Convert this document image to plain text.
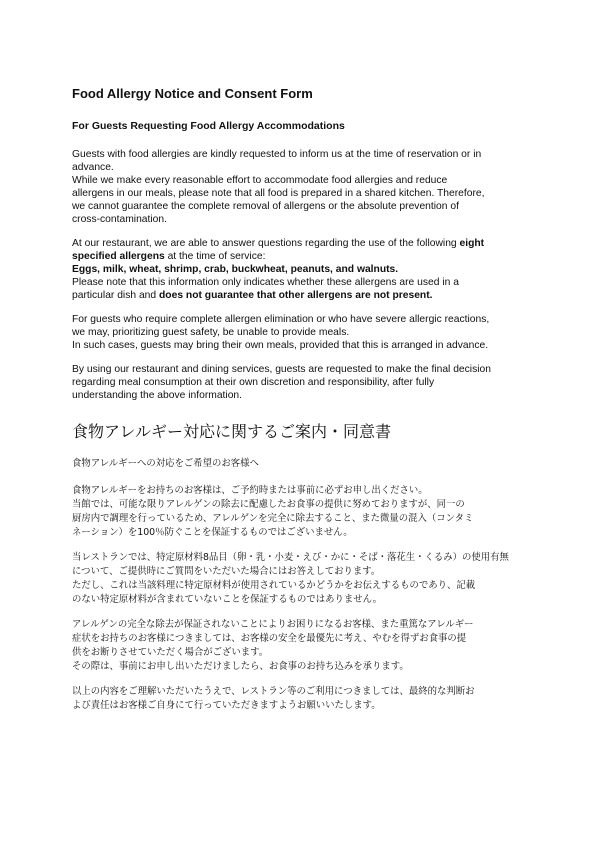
Food Allergy Notice and Consent Form
For Guests Requesting Food Allergy Accommodations
Guests with food allergies are kindly requested to inform us at the time of reservation or in
advance.
While we make every reasonable effort to accommodate food allergies and reduce
allergens in our meals, please note that all food is prepared in a shared kitchen. Therefore,
we cannot guarantee the complete removal of allergens or the absolute prevention of
cross-contamination.
At our restaurant, we are able to answer questions regarding the use of the following eight
specified allergens at the time of service:
Eggs, milk, wheat, shrimp, crab, buckwheat, peanuts, and walnuts.
Please note that this information only indicates whether these allergens are used in a
particular dish and does not guarantee that other allergens are not present.
For guests who require complete allergen elimination or who have severe allergic reactions,
we may, prioritizing guest safety, be unable to provide meals.
In such cases, guests may bring their own meals, provided that this is arranged in advance.
By using our restaurant and dining services, guests are requested to make the final decision
regarding meal consumption at their own discretion and responsibility, after fully
understanding the above information.
食物アレルギー対応に関するご案内・同意書
食物アレルギーへの対応をご希望のお客様へ
食物アレルギーをお持ちのお客様は、ご予約時または事前に必ずお申し出ください。
当館では、可能な限りアレルゲンの除去に配慮したお食事の提供に努めておりますが、同一の
厨房内で調理を行っているため、アレルゲンを完全に除去すること、また微量の混入（コンタミ
ネーション）を100％防ぐことを保証するものではございません。
当レストランでは、特定原材料8品目（卵・乳・小麦・えび・かに・そば・落花生・くるみ）の使用有無
について、ご提供時にご質問をいただいた場合にはお答えしております。
ただし、これは当該料理に特定原材料が使用されているかどうかをお伝えするものであり、記載
のない特定原材料が含まれていないことを保証するものではありません。
アレルゲンの完全な除去が保証されないことによりお困りになるお客様、また重篤なアレルギー
症状をお持ちのお客様につきましては、お客様の安全を最優先に考え、やむを得ずお食事の提
供をお断りさせていただく場合がございます。
その際は、事前にお申し出いただけましたら、お食事のお持ち込みを承ります。
以上の内容をご理解いただいたうえで、レストラン等のご利用につきましては、最終的な判断お
よび責任はお客様ご自身にて行っていただきますようお願いいたします。
